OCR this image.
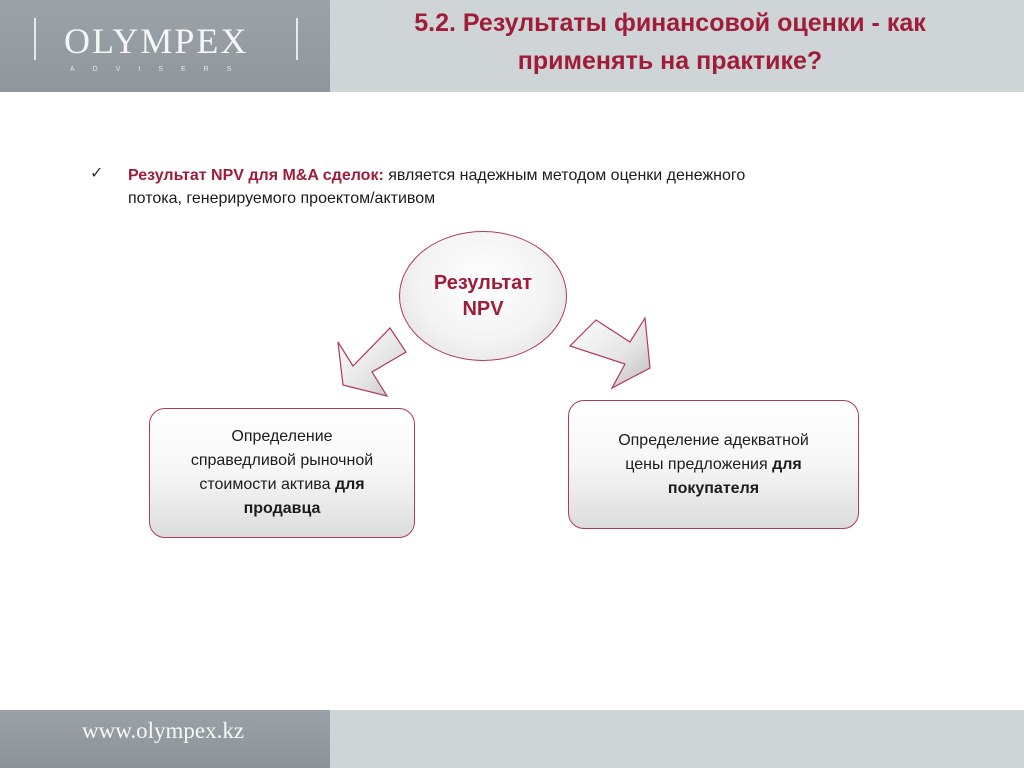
OLYMPEX
ADVISERS
5.2. Результаты финансовой оценки - как
применять на практике?
✓ Результат NPV для M&A сделок: является надежным методом оценки денежного
потока, генерируемого проектом/активом
Результат
NPV
Определение
справедливой рыночной
стоимости актива для
продавца
Определение адекватной
цены предложения для
покупателя
www.olympex.kz
